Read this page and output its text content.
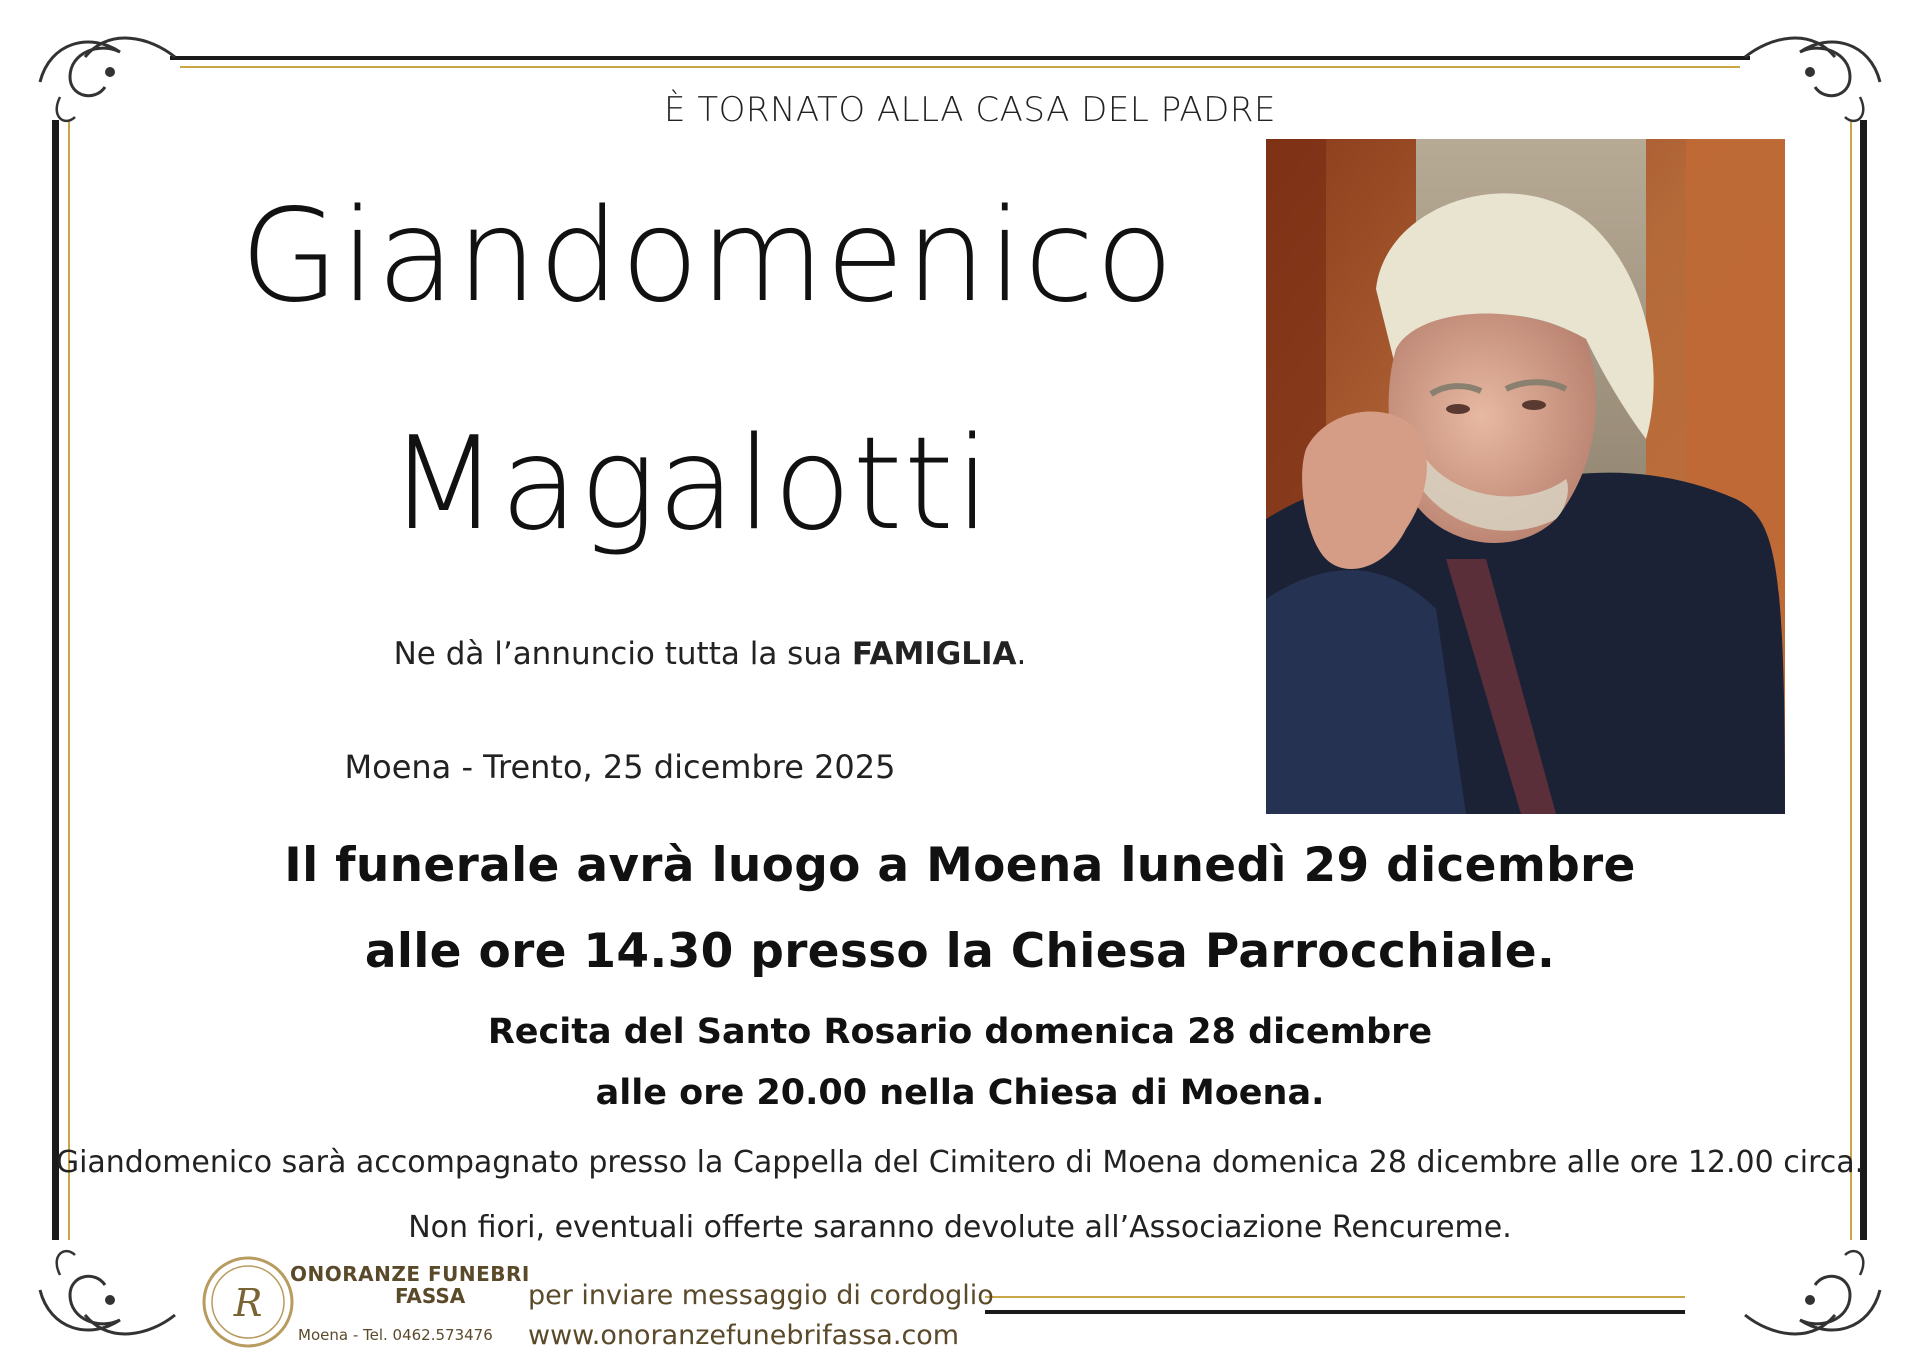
È TORNATO ALLA CASA DEL PADRE
Giandomenico
Magalotti
Ne dà l’annuncio tutta la sua FAMIGLIA.
Moena - Trento, 25 dicembre 2025
Il funerale avrà luogo a Moena lunedì 29 dicembre
alle ore 14.30 presso la Chiesa Parrocchiale.
Recita del Santo Rosario domenica 28 dicembre
alle ore 20.00 nella Chiesa di Moena.
Giandomenico sarà accompagnato presso la Cappella del Cimitero di Moena domenica 28 dicembre alle ore 12.00 circa.
Non fiori, eventuali offerte saranno devolute all’Associazione Rencureme.
R
ONORANZE FUNEBRI
FASSA
Moena - Tel. 0462.573476
per inviare messaggio di cordoglio
www.onoranzefunebrifassa.com
